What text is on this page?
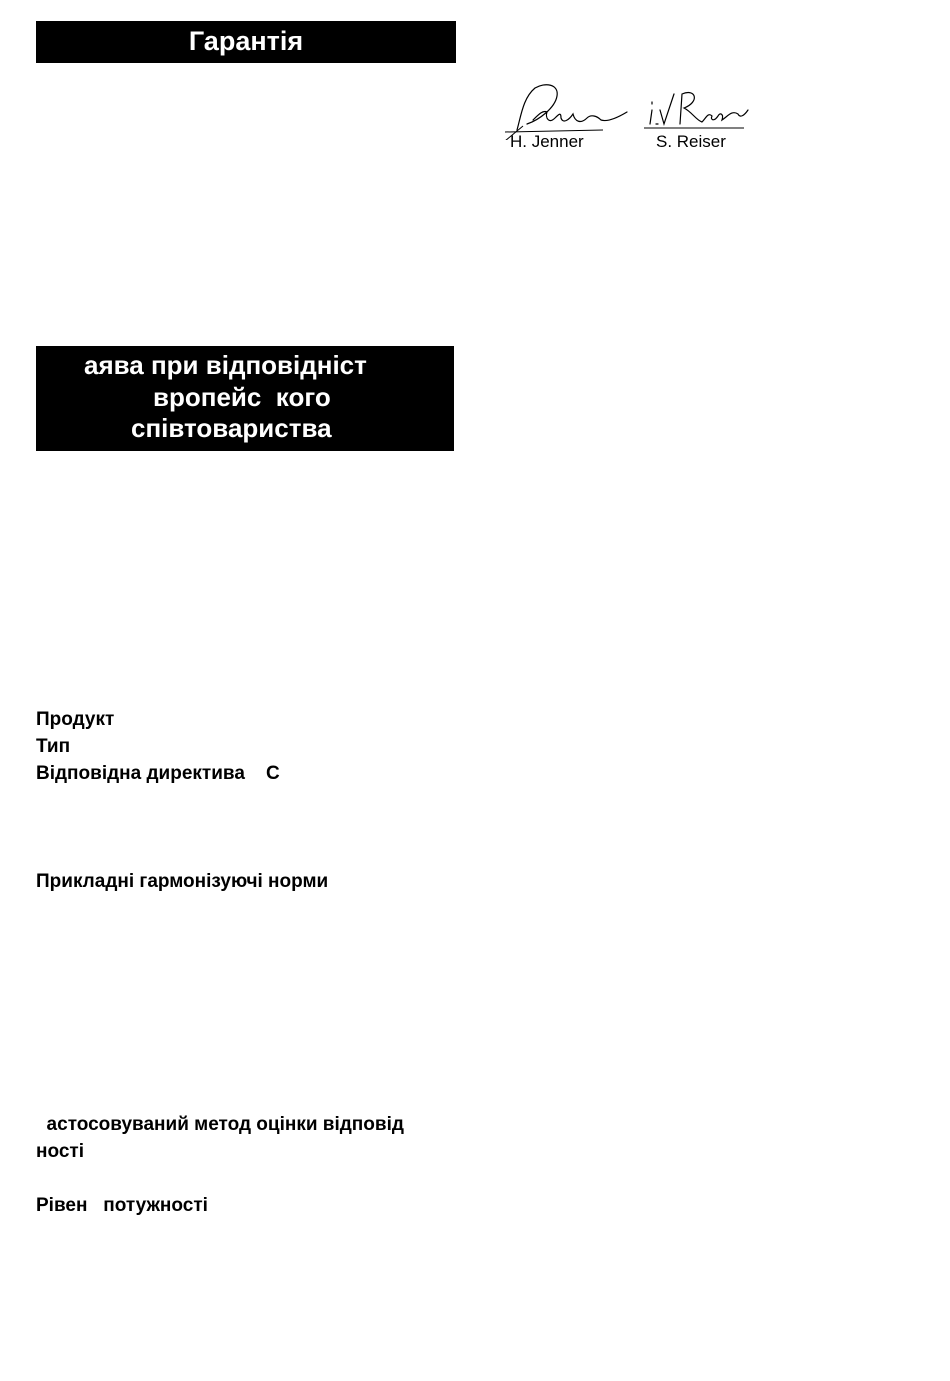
Гарантія
H. Jenner	S. Reiser
аява при відповідніст
вропейс  кого
співтовариства
Продукт
Тип
Відповідна директива    С
Прикладні гармонізуючі норми
астосовуваний метод оцінки відповід
ності
Рівен   потужності
